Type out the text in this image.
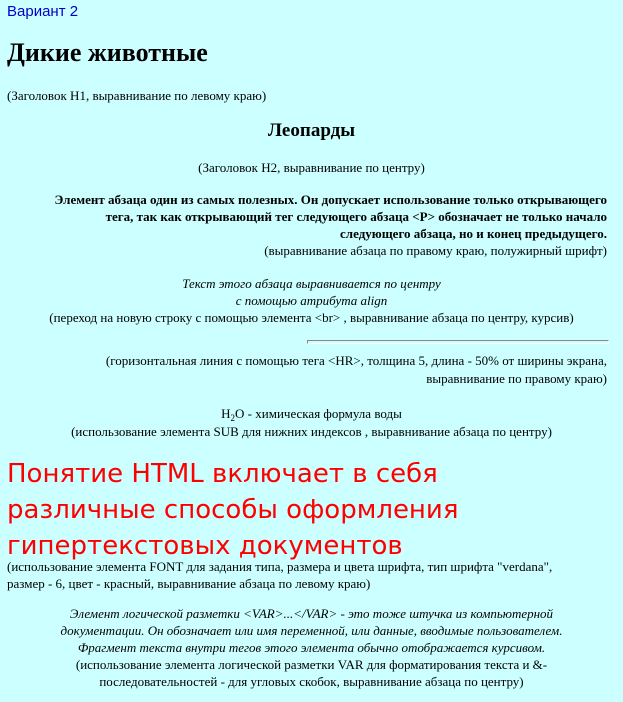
Вариант 2
Дикие животные

(Заголовок H1, выравнивание по левому краю)

Леопарды

(Заголовок H2, выравнивание по центру)

Элемент абзаца один из самых полезных. Он допускает использование только открывающего
тега, так как открывающий тег следующего абзаца <P> обозначает не только начало
следующего абзаца, но и конец предыдущего.
(выравнивание абзаца по правому краю, полужирный шрифт)
Текст этого абзаца выравнивается по центру
с помощью атрибута align
(переход на новую строку с помощью элемента <br> , выравнивание абзаца по центру, курсив)
(горизонтальная линия с помощью тега <HR>, толщина 5, длина - 50% от ширины экрана,
выравнивание по правому краю)
$H_2O$ - химическая формула воды
(использование элемента SUB для нижних индексов , выравнивание абзаца по центру)
Понятие HTML включает в себя
различные способы оформления
гипертекстовых документов
(использование элемента FONT для задания типа, размера и цвета шрифта, тип шрифта "verdana",
размер - 6, цвет - красный, выравнивание абзаца по левому краю)
Элемент логической разметки <VAR>...</VAR> - это тоже штучка из компьютерной
документации. Он обозначает или имя переменной, или данные, вводимые пользователем.
Фрагмент текста внутри тегов этого элемента обычно отображается курсивом.
(использование элемента логической разметки VAR для форматирования текста и &-
последовательностей - для угловых скобок, выравнивание абзаца по центру)
